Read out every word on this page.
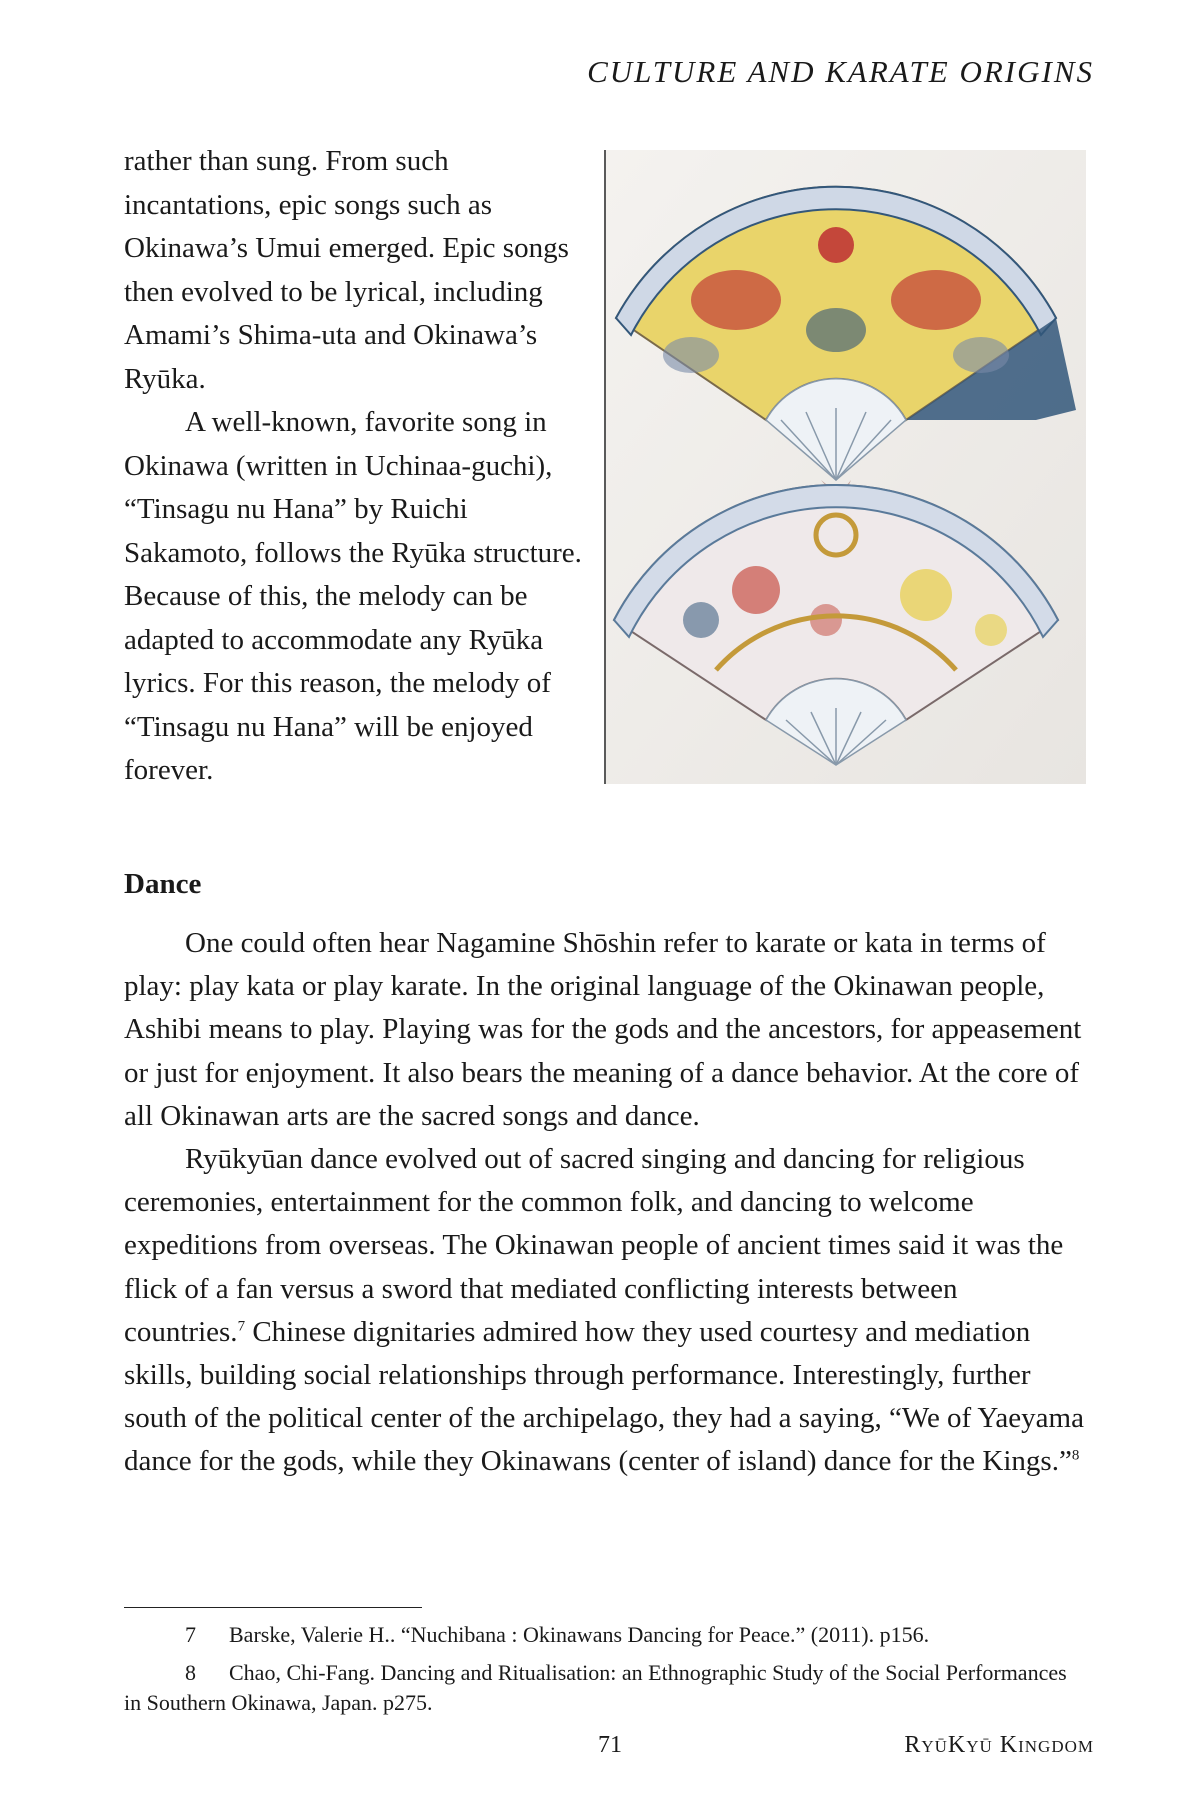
CULTURE AND KARATE ORIGINS

rather than sung. From such incantations, epic songs such as Okinawa’s Umui emerged. Epic songs then evolved to be lyrical, including Amami’s Shima-uta and Okinawa’s Ryūka.

A well-known, favorite song in Okinawa (written in Uchinaa-guchi), “Tinsagu nu Hana” by Ruichi Sakamoto, follows the Ryūka structure. Because of this, the melody can be adapted to accommodate any Ryūka lyrics. For this reason, the melody of “Tinsagu nu Hana” will be enjoyed forever.

Dance

One could often hear Nagamine Shōshin refer to karate or kata in terms of play: play kata or play karate. In the original language of the Okinawan people, Ashibi means to play. Playing was for the gods and the ancestors, for appeasement or just for enjoyment. It also bears the meaning of a dance behavior. At the core of all Okinawan arts are the sacred songs and dance.

Ryūkyūan dance evolved out of sacred singing and dancing for religious ceremonies, entertainment for the common folk, and dancing to welcome expeditions from overseas. The Okinawan people of ancient times said it was the flick of a fan versus a sword that mediated conflicting interests between countries.$^7$ Chinese dignitaries admired how they used courtesy and mediation skills, building social relationships through performance. Interestingly, further south of the political center of the archipelago, they had a saying, “We of Yaeyama dance for the gods, while they Okinawans (center of island) dance for the Kings.”$^8$

7 Barske, Valerie H.. “Nuchibana : Okinawans Dancing for Peace.” (2011). p156.

8 Chao, Chi-Fang. Dancing and Ritualisation: an Ethnographic Study of the Social Performances in Southern Okinawa, Japan. p275.

71	RyūKyū Kingdom
